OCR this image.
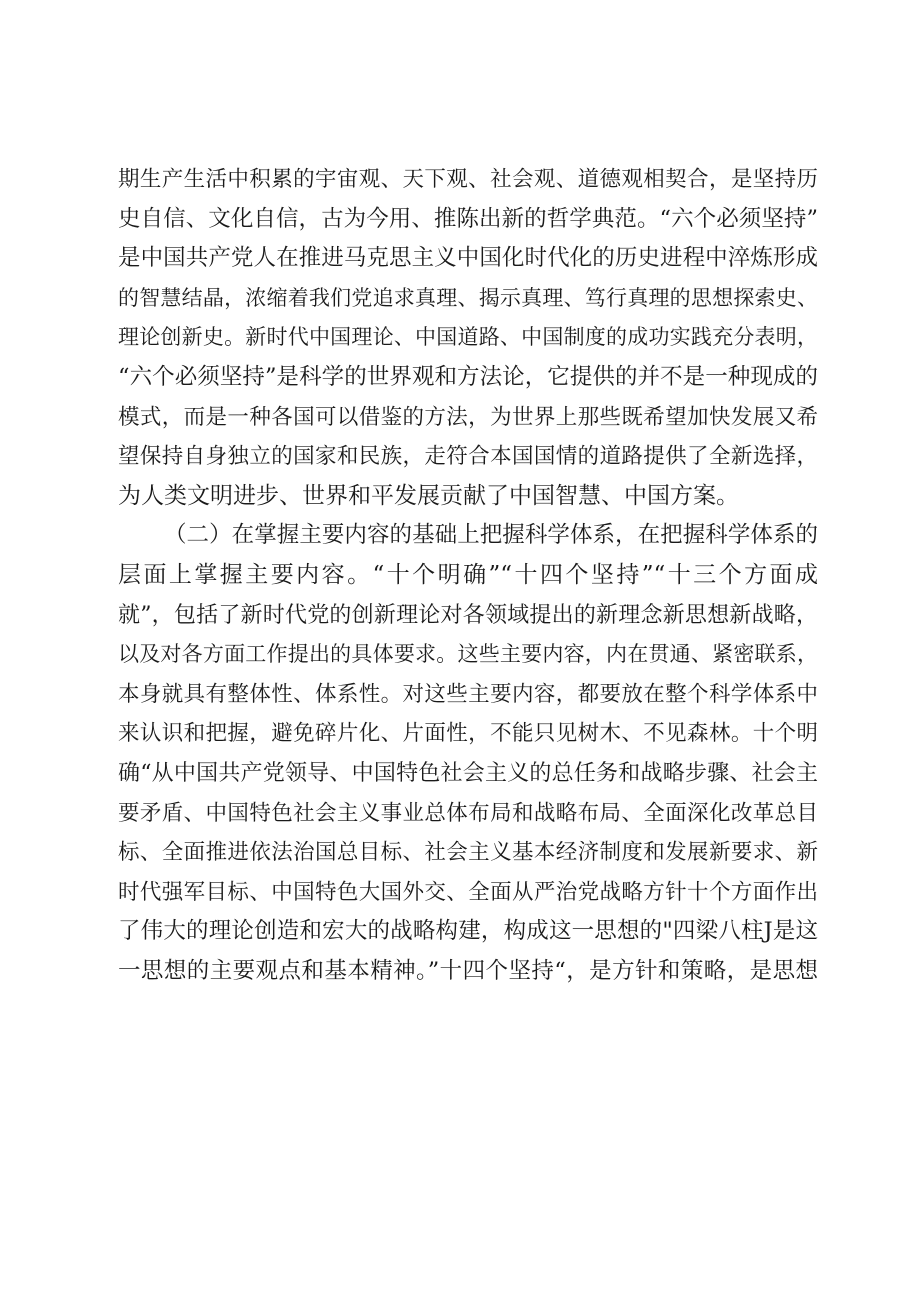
期生产生活中积累的宇宙观、天下观、社会观、道德观相契合，是坚持历
史自信、文化自信，古为今用、推陈出新的哲学典范。“六个必须坚持”
是中国共产党人在推进马克思主义中国化时代化的历史进程中淬炼形成
的智慧结晶，浓缩着我们党追求真理、揭示真理、笃行真理的思想探索史、
理论创新史。新时代中国理论、中国道路、中国制度的成功实践充分表明，
“六个必须坚持”是科学的世界观和方法论，它提供的并不是一种现成的
模式，而是一种各国可以借鉴的方法，为世界上那些既希望加快发展又希
望保持自身独立的国家和民族，走符合本国国情的道路提供了全新选择，
为人类文明进步、世界和平发展贡献了中国智慧、中国方案。
（二）在掌握主要内容的基础上把握科学体系，在把握科学体系的
层面上掌握主要内容。“十个明确”“十四个坚持”“十三个方面成
就”，包括了新时代党的创新理论对各领域提出的新理念新思想新战略，
以及对各方面工作提出的具体要求。这些主要内容，内在贯通、紧密联系，
本身就具有整体性、体系性。对这些主要内容，都要放在整个科学体系中
来认识和把握，避免碎片化、片面性，不能只见树木、不见森林。十个明
确“从中国共产党领导、中国特色社会主义的总任务和战略步骤、社会主
要矛盾、中国特色社会主义事业总体布局和战略布局、全面深化改革总目
标、全面推进依法治国总目标、社会主义基本经济制度和发展新要求、新
时代强军目标、中国特色大国外交、全面从严治党战略方针十个方面作出
了伟大的理论创造和宏大的战略构建，构成这一思想的"四梁八柱J是这
一思想的主要观点和基本精神。”十四个坚持“，是方针和策略，是思想
